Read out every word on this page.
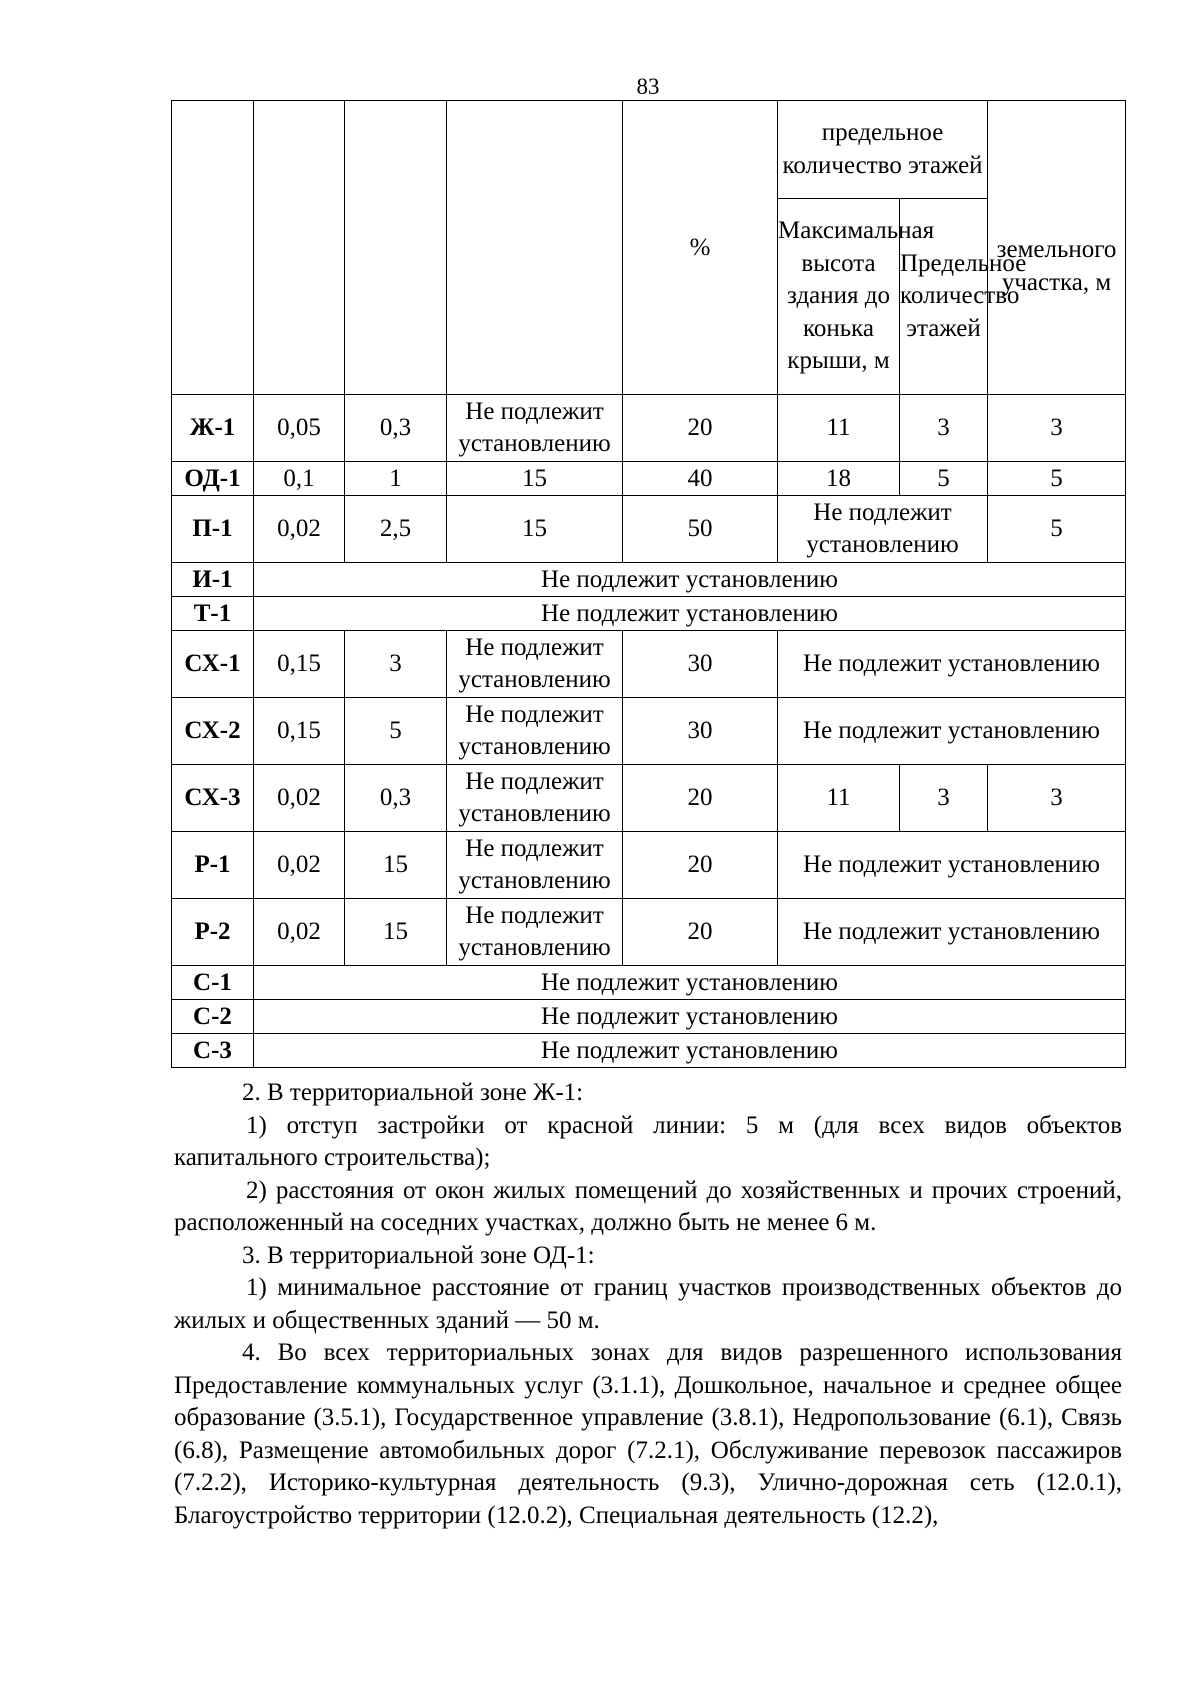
83
				%	предельное количество этажей		земельного участка, м
					Максимальная высота здания до конька крыши, м	Предельное количество этажей	
Ж-1	0,05	0,3	Не подлежит установлению	20	11	3	3
ОД-1	0,1	1	15	40	18	5	5
П-1	0,02	2,5	15	50	Не подлежит установлению		5
И-1	Не подлежит установлению						
Т-1	Не подлежит установлению						
СХ-1	0,15	3	Не подлежит установлению	30	Не подлежит установлению		
СХ-2	0,15	5	Не подлежит установлению	30	Не подлежит установлению		
СХ-3	0,02	0,3	Не подлежит установлению	20	11	3	3
Р-1	0,02	15	Не подлежит установлению	20	Не подлежит установлению		
Р-2	0,02	15	Не подлежит установлению	20	Не подлежит установлению		
С-1	Не подлежит установлению						
С-2	Не подлежит установлению						
С-3	Не подлежит установлению						

2. В территориальной зоне Ж-1:

1) отступ застройки от красной линии: 5 м (для всех видов объектов капитального строительства);

2) расстояния от окон жилых помещений до хозяйственных и прочих строений, расположенный на соседних участках, должно быть не менее 6 м.

3. В территориальной зоне ОД-1:

1) минимальное расстояние от границ участков производственных объектов до жилых и общественных зданий — 50 м.

4. Во всех территориальных зонах для видов разрешенного использования Предоставление коммунальных услуг (3.1.1), Дошкольное, начальное и среднее общее образование (3.5.1), Государственное управление (3.8.1), Недропользование (6.1), Связь (6.8), Размещение автомобильных дорог (7.2.1), Обслуживание перевозок пассажиров (7.2.2), Историко-культурная деятельность (9.3), Улично-дорожная сеть (12.0.1), Благоустройство территории (12.0.2), Специальная деятельность (12.2),
